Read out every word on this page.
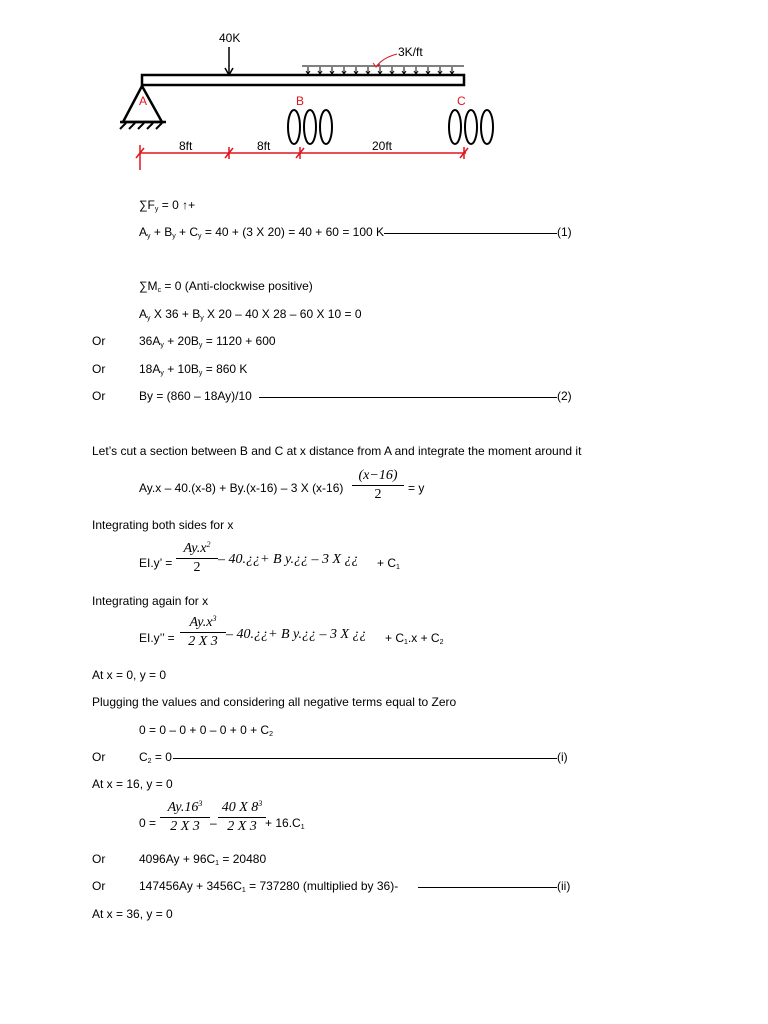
40K
3K/ft
A	B	C
8ft	8ft	20ft
$\sum F_y = 0$ ↑+
$A_y + B_y + C_y = 40 + (3$ X 20) = 40 + 60 = 100 K	(1)
$\sum M_c = 0$ (Anti-clockwise positive)
$A_y$ X $36 + B_y$ X 20 – 40 X 28 – 60 X 10 = 0
Or	$36A_y + 20B_y = 1120 + 600$
Or	$18A_y + 10B_y = 860$ K
Or	By = (860 – 18Ay)/10	(2)
Let’s cut a section between B and C at x distance from A and integrate the moment around it
Ay.x – 40.(x-8) + By.(x-16) – 3 X (x-16)
(x−16)
2	= y
Integrating both sides for x
EI.y’ =
$Ay.x^2$
2
– 40.¿¿+ B y.¿¿ – 3 X ¿¿ + $C_1$
Integrating again for x
EI.y’’ =
$Ay.x^3$
2 X 3 – 40.¿¿+ B y.¿¿ – 3 X ¿¿ + $C_1.x + C_2$
At x = 0, y = 0
Plugging the values and considering all negative terms equal to Zero
$0 = 0 - 0 + 0 - 0 + 0 + C_2$
Or	$C_2 = 0$	(i)
At x = 16, y = 0
0 =
$Ay.16^3$
2 X 3 –
40 X $8^3$
2 X $3 + 16.C_1$
Or	$4096Ay + 96C_1 = 20480$
Or	$147456Ay + 3456C_1 = 737280$ (multiplied by 36)-	(ii)
At x = 36, y = 0
